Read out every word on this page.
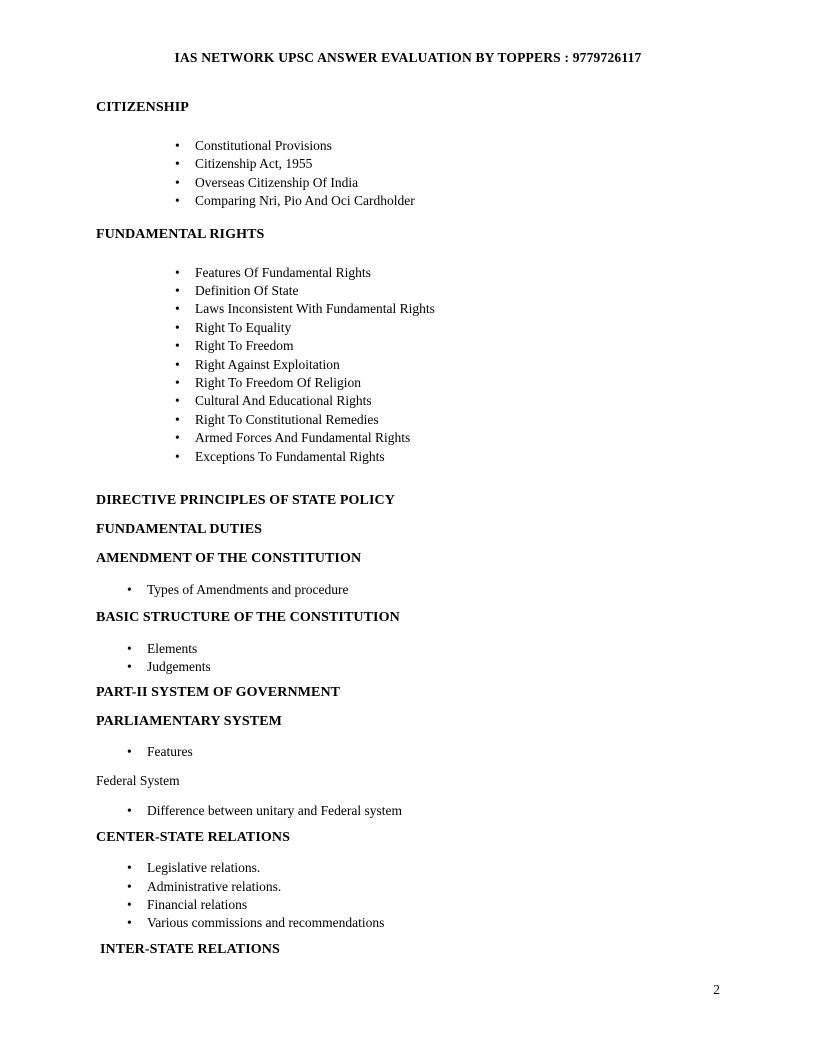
IAS NETWORK UPSC ANSWER EVALUATION BY TOPPERS : 9779726117
CITIZENSHIP
• Constitutional Provisions
• Citizenship Act, 1955
• Overseas Citizenship Of India
• Comparing Nri, Pio And Oci Cardholder
FUNDAMENTAL RIGHTS
• Features Of Fundamental Rights
• Definition Of State
• Laws Inconsistent With Fundamental Rights
• Right To Equality
• Right To Freedom
• Right Against Exploitation
• Right To Freedom Of Religion
• Cultural And Educational Rights
• Right To Constitutional Remedies
• Armed Forces And Fundamental Rights
• Exceptions To Fundamental Rights
DIRECTIVE PRINCIPLES OF STATE POLICY
FUNDAMENTAL DUTIES
AMENDMENT OF THE CONSTITUTION
• Types of Amendments and procedure
BASIC STRUCTURE OF THE CONSTITUTION
• Elements
• Judgements
PART-II SYSTEM OF GOVERNMENT
PARLIAMENTARY SYSTEM
• Features
Federal System
• Difference between unitary and Federal system
CENTER-STATE RELATIONS
• Legislative relations.
• Administrative relations.
• Financial relations
• Various commissions and recommendations
INTER-STATE RELATIONS
2
